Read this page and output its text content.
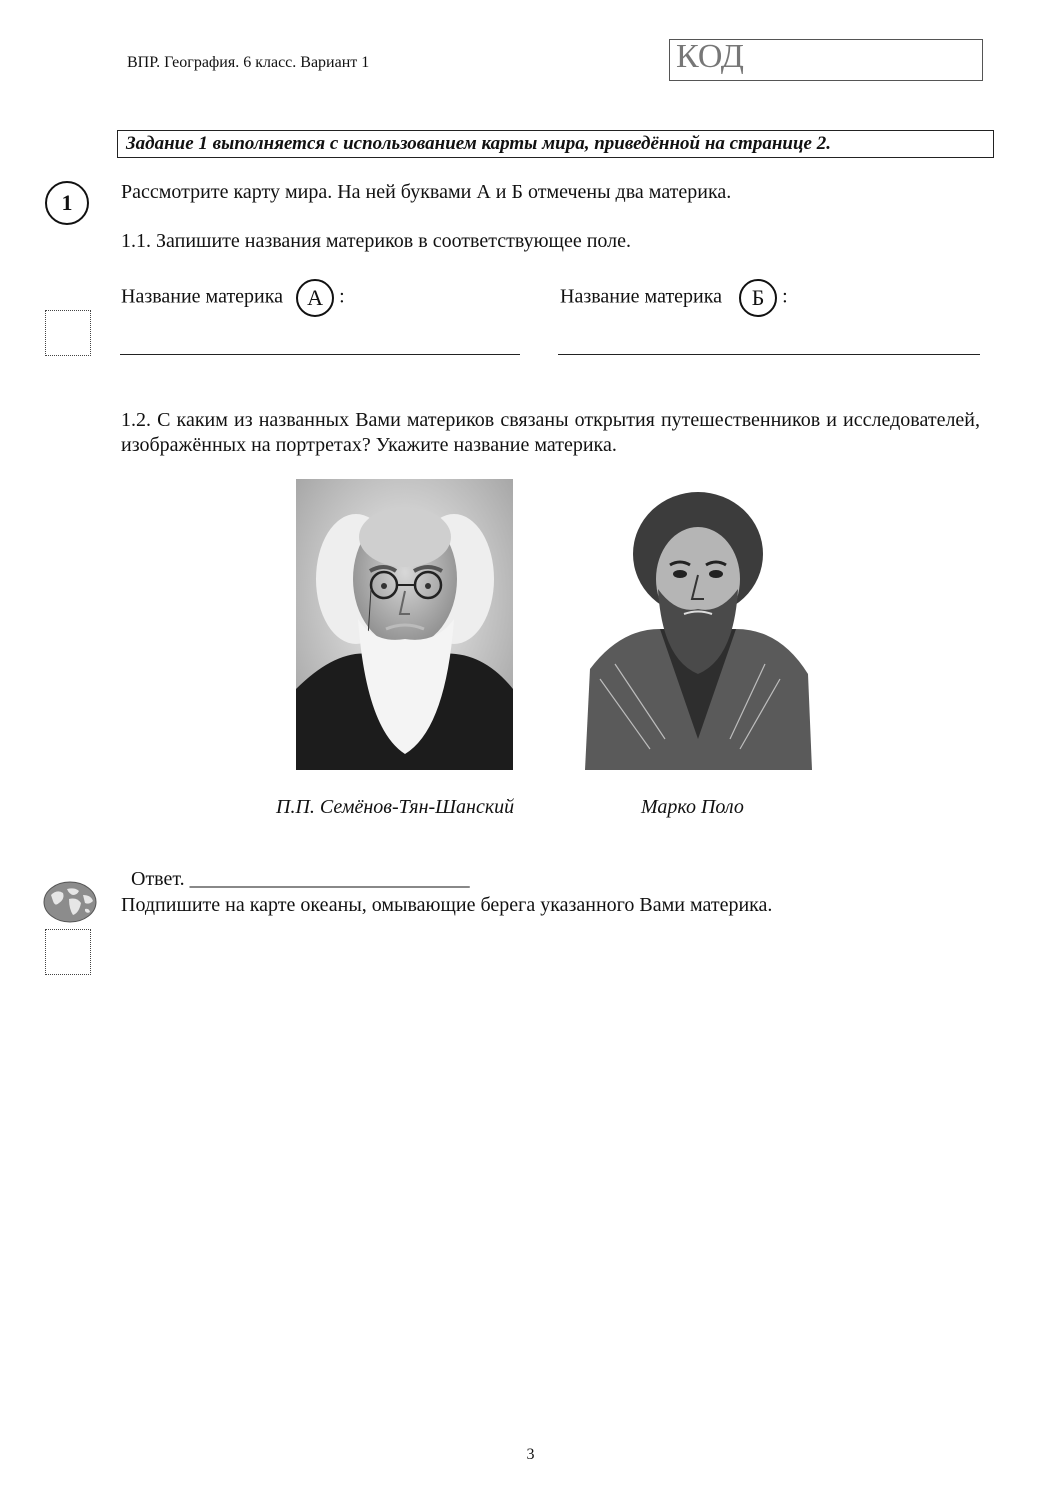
ВПР. География. 6 класс. Вариант 1	КОД
Задание 1 выполняется с использованием карты мира, приведённой на странице 2.
1	Рассмотрите карту мира. На ней буквами А и Б отмечены два материка.
1.1. Запишите названия материков в соответствующее поле.
Название материка А :	Название материка Б :
1.2. С каким из названных Вами материков связаны открытия путешественников и исследователей, изображённых на портретах? Укажите название материка.
П.П. Семёнов-Тян-Шанский	Марко Поло

Ответ. ____________________________

Подпишите на карте океаны, омывающие берега указанного Вами материка.
3
